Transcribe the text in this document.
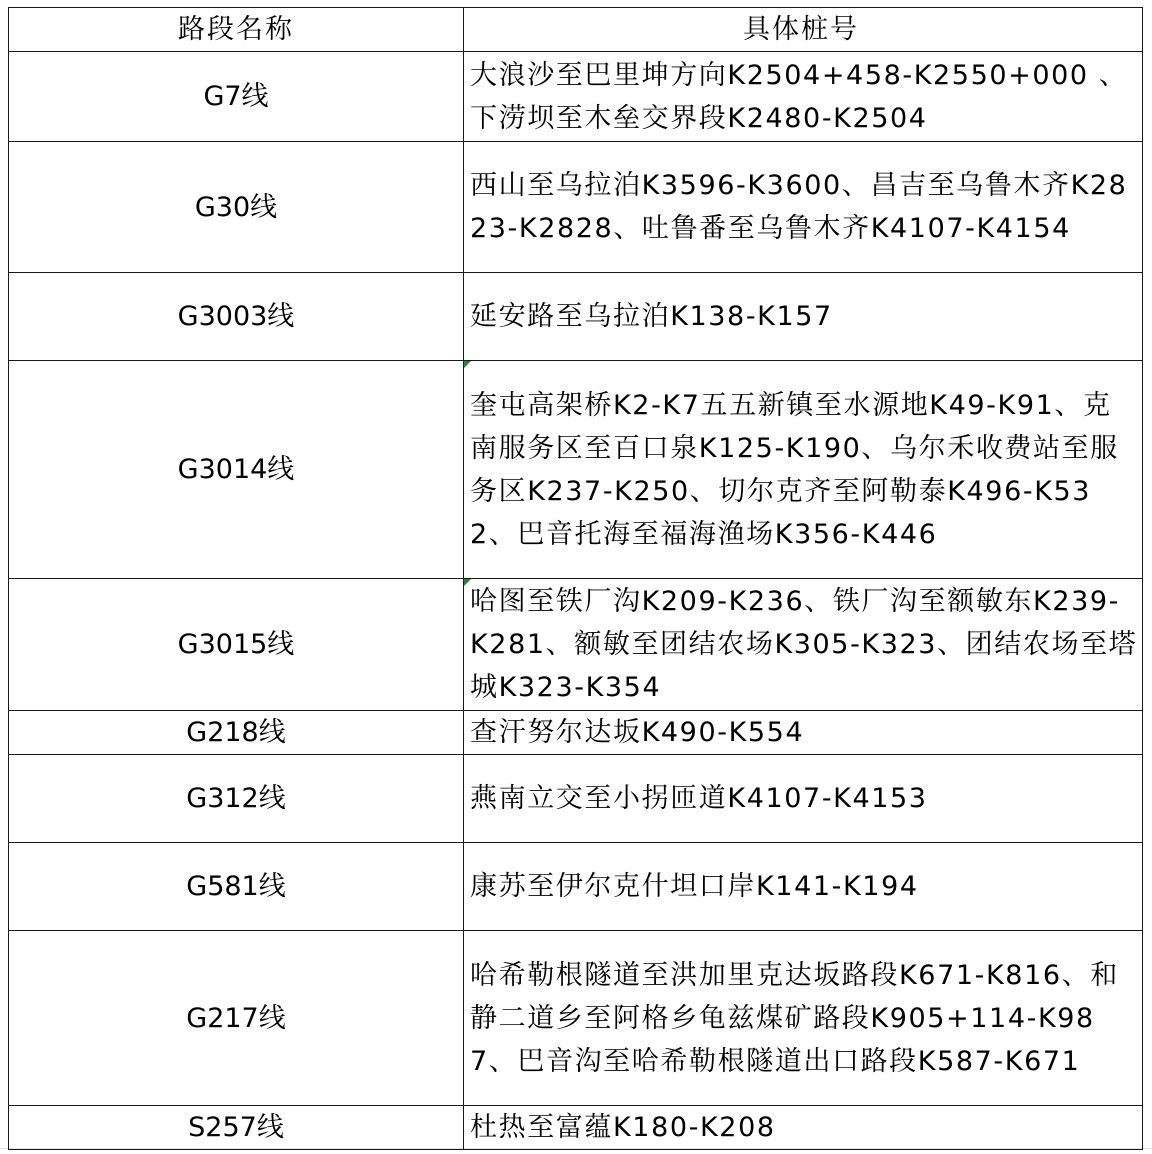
路段名称	具体桩号
G7线	大浪沙至巴里坤方向K2504+458-K2550+000 、下涝坝至木垒交界段K2480-K2504
G30线	西山至乌拉泊K3596-K3600、昌吉至乌鲁木齐K2823-K2828、吐鲁番至乌鲁木齐K4107-K4154
G3003线	延安路至乌拉泊K138-K157
G3014线	奎屯高架桥K2-K7五五新镇至水源地K49-K91、克南服务区至百口泉K125-K190、乌尔禾收费站至服务区K237-K250、切尔克齐至阿勒泰K496-K532、巴音托海至福海渔场K356-K446

G3015线	哈图至铁厂沟K209-K236、铁厂沟至额敏东K239-K281、额敏至团结农场K305-K323、团结农场至塔城K323-K354

G218线	查汗努尔达坂K490-K554
G312线	燕南立交至小拐匝道K4107-K4153
G581线	康苏至伊尔克什坦口岸K141-K194
G217线	哈希勒根隧道至洪加里克达坂路段K671-K816、和静二道乡至阿格乡龟兹煤矿路段K905+114-K987、巴音沟至哈希勒根隧道出口路段K587-K671
S257线	杜热至富蕴K180-K208
